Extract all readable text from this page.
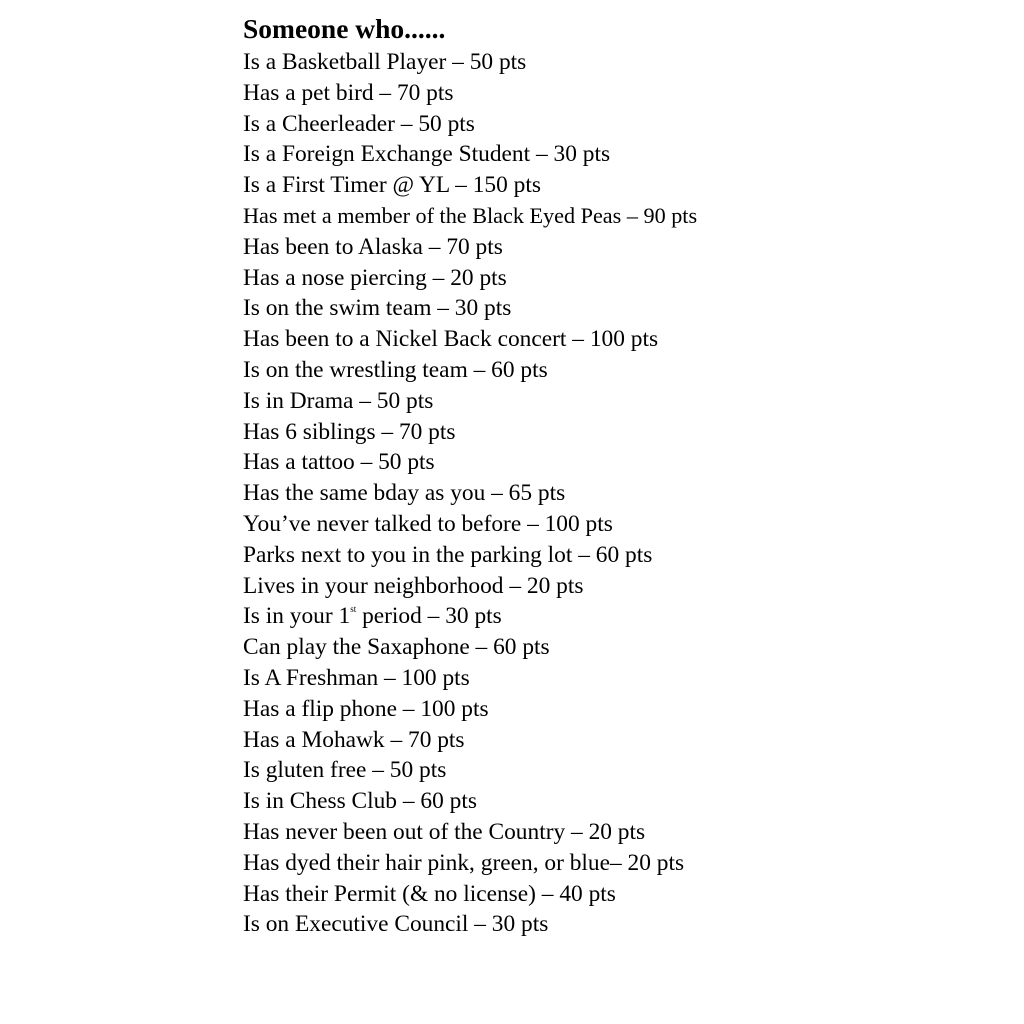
Someone who......
Is a Basketball Player – 50 pts
Has a pet bird – 70 pts
Is a Cheerleader – 50 pts
Is a Foreign Exchange Student – 30 pts
Is a First Timer @ YL – 150 pts
Has met a member of the Black Eyed Peas – 90 pts
Has been to Alaska – 70 pts
Has a nose piercing – 20 pts
Is on the swim team – 30 pts
Has been to a Nickel Back concert – 100 pts
Is on the wrestling team – 60 pts
Is in Drama – 50 pts
Has 6 siblings – 70 pts
Has a tattoo – 50 pts
Has the same bday as you – 65 pts
You’ve never talked to before – 100 pts
Parks next to you in the parking lot – 60 pts
Lives in your neighborhood – 20 pts
Is in your 1st period – 30 pts
Can play the Saxaphone – 60 pts
Is A Freshman – 100 pts
Has a flip phone – 100 pts
Has a Mohawk – 70 pts
Is gluten free – 50 pts
Is in Chess Club – 60 pts
Has never been out of the Country – 20 pts
Has dyed their hair pink, green, or blue– 20 pts
Has their Permit (& no license) – 40 pts
Is on Executive Council – 30 pts
